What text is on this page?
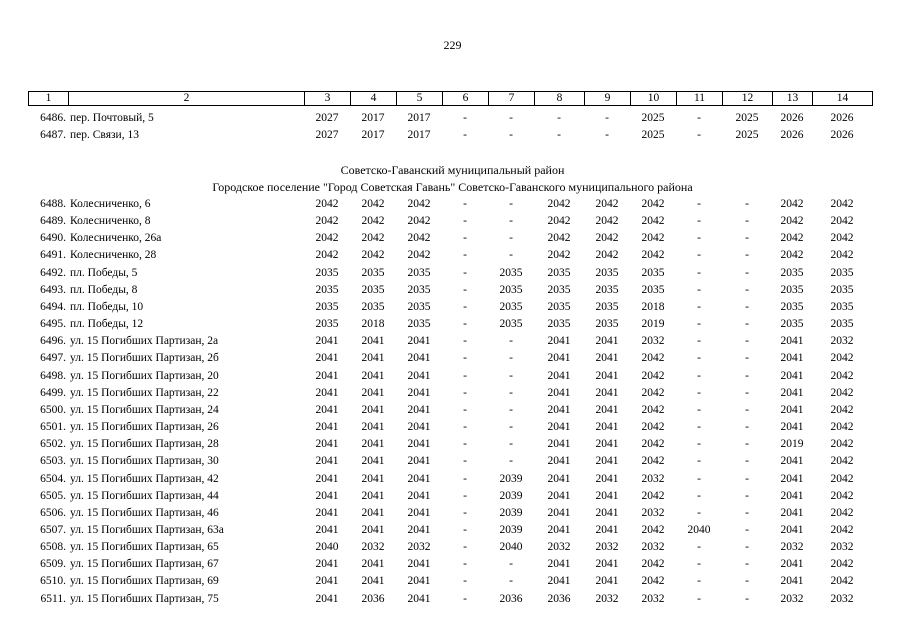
229
1	2	3	4	5	6	7	8	9	10	11	12	13	14
6486.	пер. Почтовый, 5	2027	2017	2017	-	-	-	-	2025	-	2025	2026	2026
6487.	пер. Связи, 13	2027	2017	2017	-	-	-	-	2025	-	2025	2026	2026
Советско-Гаванский муниципальный район
Городское поселение "Город Советская Гавань" Советско-Гаванского муниципального района
6488.	Колесниченко, 6	2042	2042	2042	-	-	2042	2042	2042	-	-	2042	2042
6489.	Колесниченко, 8	2042	2042	2042	-	-	2042	2042	2042	-	-	2042	2042
6490.	Колесниченко, 26а	2042	2042	2042	-	-	2042	2042	2042	-	-	2042	2042
6491.	Колесниченко, 28	2042	2042	2042	-	-	2042	2042	2042	-	-	2042	2042
6492.	пл. Победы, 5	2035	2035	2035	-	2035	2035	2035	2035	-	-	2035	2035
6493.	пл. Победы, 8	2035	2035	2035	-	2035	2035	2035	2035	-	-	2035	2035
6494.	пл. Победы, 10	2035	2035	2035	-	2035	2035	2035	2018	-	-	2035	2035
6495.	пл. Победы, 12	2035	2018	2035	-	2035	2035	2035	2019	-	-	2035	2035
6496.	ул. 15 Погибших Партизан, 2а	2041	2041	2041	-	-	2041	2041	2032	-	-	2041	2032
6497.	ул. 15 Погибших Партизан, 2б	2041	2041	2041	-	-	2041	2041	2042	-	-	2041	2042
6498.	ул. 15 Погибших Партизан, 20	2041	2041	2041	-	-	2041	2041	2042	-	-	2041	2042
6499.	ул. 15 Погибших Партизан, 22	2041	2041	2041	-	-	2041	2041	2042	-	-	2041	2042
6500.	ул. 15 Погибших Партизан, 24	2041	2041	2041	-	-	2041	2041	2042	-	-	2041	2042
6501.	ул. 15 Погибших Партизан, 26	2041	2041	2041	-	-	2041	2041	2042	-	-	2041	2042
6502.	ул. 15 Погибших Партизан, 28	2041	2041	2041	-	-	2041	2041	2042	-	-	2019	2042
6503.	ул. 15 Погибших Партизан, 30	2041	2041	2041	-	-	2041	2041	2042	-	-	2041	2042
6504.	ул. 15 Погибших Партизан, 42	2041	2041	2041	-	2039	2041	2041	2032	-	-	2041	2042
6505.	ул. 15 Погибших Партизан, 44	2041	2041	2041	-	2039	2041	2041	2042	-	-	2041	2042
6506.	ул. 15 Погибших Партизан, 46	2041	2041	2041	-	2039	2041	2041	2032	-	-	2041	2042
6507.	ул. 15 Погибших Партизан, 63а	2041	2041	2041	-	2039	2041	2041	2042	2040	-	2041	2042
6508.	ул. 15 Погибших Партизан, 65	2040	2032	2032	-	2040	2032	2032	2032	-	-	2032	2032
6509.	ул. 15 Погибших Партизан, 67	2041	2041	2041	-	-	2041	2041	2042	-	-	2041	2042
6510.	ул. 15 Погибших Партизан, 69	2041	2041	2041	-	-	2041	2041	2042	-	-	2041	2042
6511.	ул. 15 Погибших Партизан, 75	2041	2036	2041	-	2036	2036	2032	2032	-	-	2032	2032
